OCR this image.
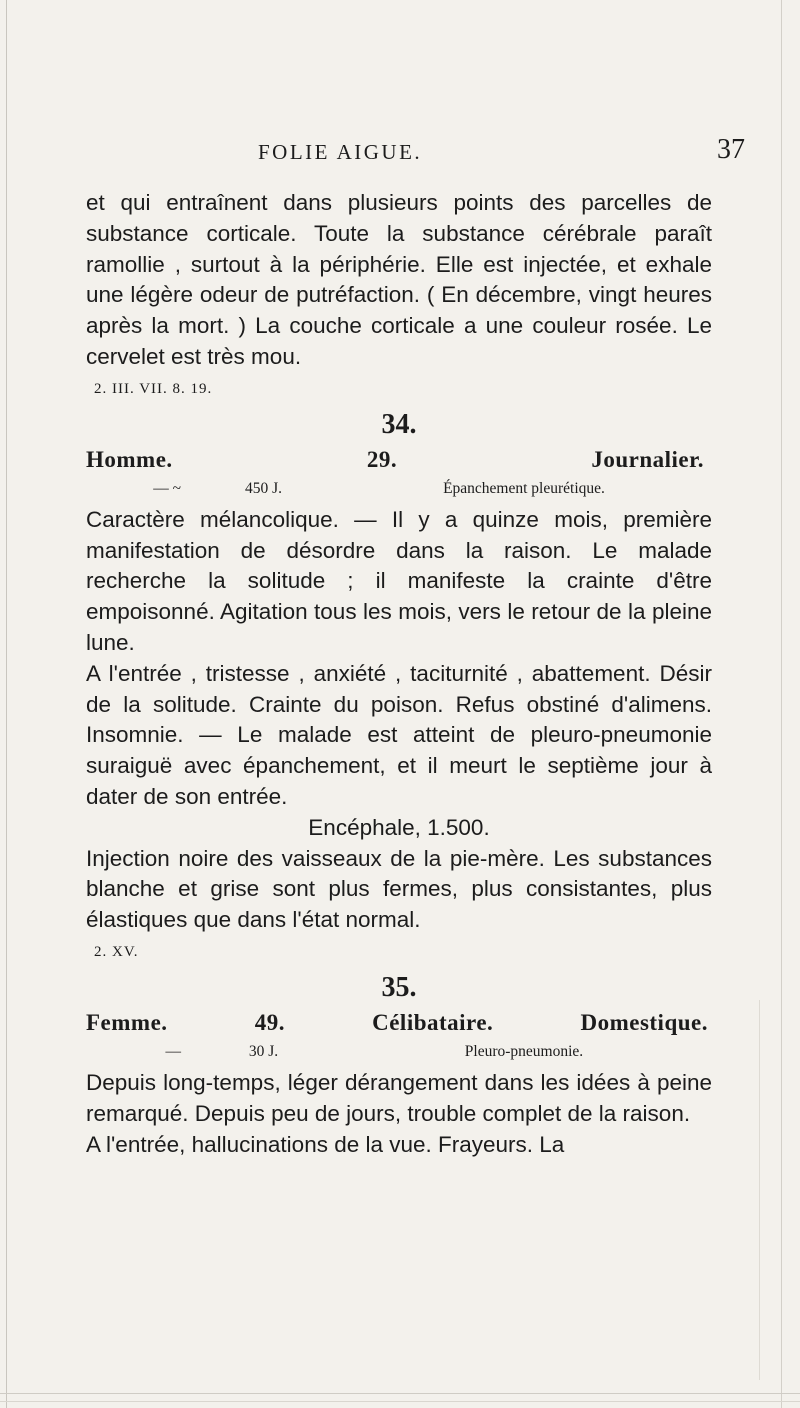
FOLIE AIGUE.	37

et qui entraînent dans plusieurs points des parcelles de substance corticale. Toute la substance cérébrale paraît ramollie , surtout à la périphérie. Elle est injectée, et exhale une légère odeur de putréfaction. ( En décembre, vingt heures après la mort. ) La couche corticale a une couleur rosée. Le cervelet est très mou.

2. III. VII. 8. 19.

34.
Homme.	29.	Journalier.
— ~	450 J.	Épanchement pleurétique.

Caractère mélancolique. — Il y a quinze mois, première manifestation de désordre dans la raison. Le malade recherche la solitude ; il manifeste la crainte d'être empoisonné. Agitation tous les mois, vers le retour de la pleine lune.

A l'entrée , tristesse , anxiété , taciturnité , abattement. Désir de la solitude. Crainte du poison. Refus obstiné d'alimens. Insomnie. — Le malade est atteint de pleuro-pneumonie suraiguë avec épanchement, et il meurt le septième jour à dater de son entrée.

Encéphale, 1.500.

Injection noire des vaisseaux de la pie-mère. Les substances blanche et grise sont plus fermes, plus consistantes, plus élastiques que dans l'état normal.

2. XV.

35.
Femme.	49.	Célibataire.	Domestique.
—	30 J.	Pleuro-pneumonie.

Depuis long-temps, léger dérangement dans les idées à peine remarqué. Depuis peu de jours, trouble complet de la raison.

A l'entrée, hallucinations de la vue. Frayeurs. La
